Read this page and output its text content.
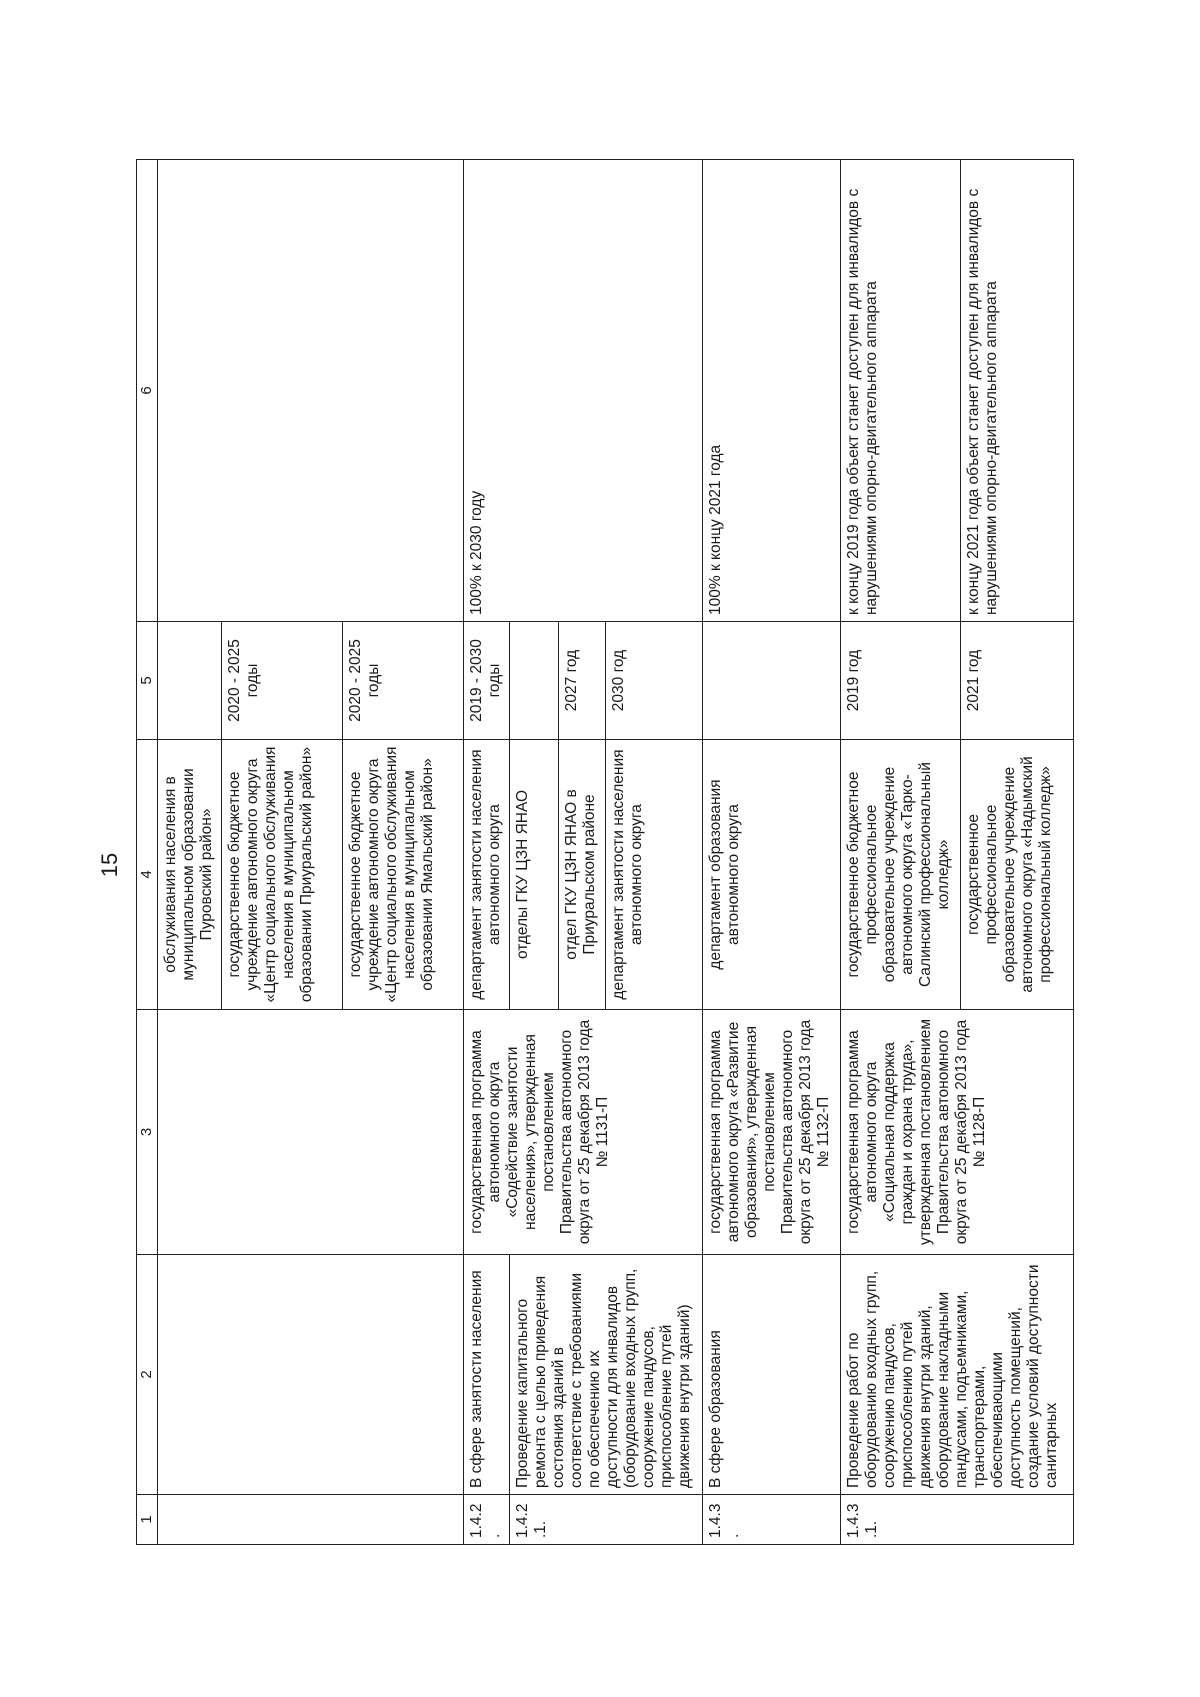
15
1	2	3	4	5	6
			обслуживания населения в муниципальном образовании Пуровский район»		
			государственное бюджетное учреждение автономного округа «Центр социального обслуживания населения в муниципальном образовании Приуральский район»	2020 - 2025 годы	
			государственное бюджетное учреждение автономного округа «Центр социального обслуживания населения в муниципальном образовании Ямальский район»	2020 - 2025 годы	
1.4.2.	В сфере занятости населения	государственная программа автономного округа «Содействие занятости населения», утвержденная постановлением Правительства автономного округа от 25 декабря 2013 года № 1131-П	департамент занятости населения автономного округа	2019 - 2030 годы	100% к 2030 году
1.4.2.1.	Проведение капитального ремонта с целью приведения состояния зданий в соответствие с требованиями по обеспечению их доступности для инвалидов (оборудование входных групп, сооружение пандусов, приспособление путей движения внутри зданий)		отделы ГКУ ЦЗН ЯНАО		
			отдел ГКУ ЦЗН ЯНАО в Приуральском районе	2027 год	
			департамент занятости населения автономного округа	2030 год	
1.4.3.	В сфере образования	государственная программа автономного округа «Развитие образования», утвержденная постановлением Правительства автономного округа от 25 декабря 2013 года № 1132-П	департамент образования автономного округа		100% к концу 2021 года
1.4.3.1.	Проведение работ по оборудованию входных групп, сооружению пандусов, приспособлению путей движения внутри зданий, оборудование накладными пандусами, подъемниками, транспортерами, обеспечивающими доступность помещений, создание условий доступности санитарных	государственная программа автономного округа «Социальная поддержка граждан и охрана труда», утвержденная постановлением Правительства автономного округа от 25 декабря 2013 года № 1128-П	государственное бюджетное профессиональное образовательное учреждение автономного округа «Тарко-Салинский профессиональный колледж»	2019 год	к концу 2019 года объект станет доступен для инвалидов с нарушениями опорно-двигательного аппарата
			государственное профессиональное образовательное учреждение автономного округа «Надымский профессиональный колледж»	2021 год	к концу 2021 года объект станет доступен для инвалидов с нарушениями опорно-двигательного аппарата
